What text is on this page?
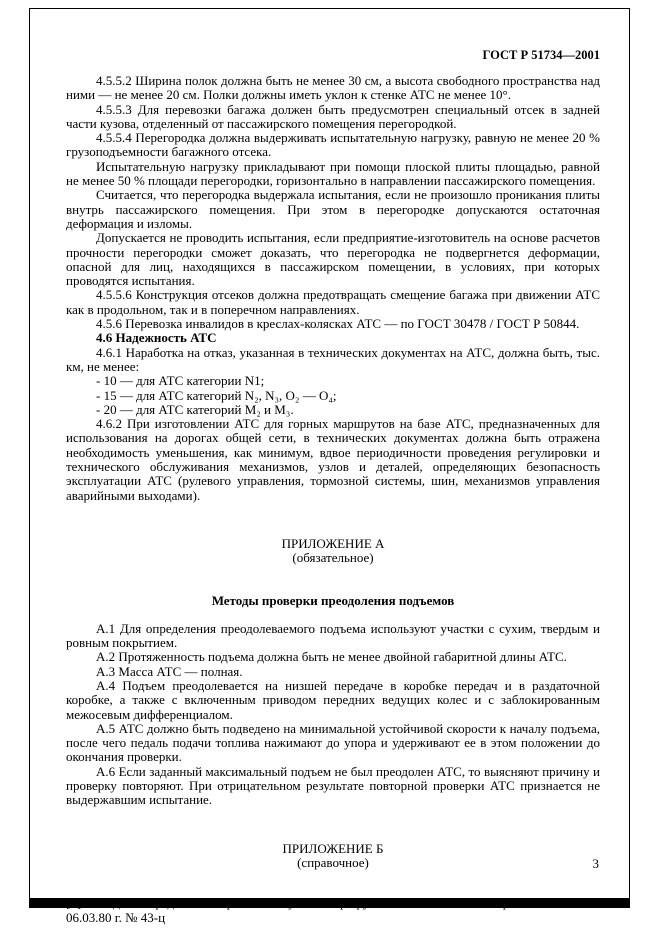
ГОСТ Р 51734—2001

4.5.5.2 Ширина полок должна быть не менее 30 см, а высота свободного пространства над ними — не менее 20 см. Полки должны иметь уклон к стенке АТС не менее 10°.

4.5.5.3 Для перевозки багажа должен быть предусмотрен специальный отсек в задней части кузова, отделенный от пассажирского помещения перегородкой.

4.5.5.4 Перегородка должна выдерживать испытательную нагрузку, равную не менее 20 % грузоподъемности багажного отсека.

Испытательную нагрузку прикладывают при помощи плоской плиты площадью, равной не менее 50 % площади перегородки, горизонтально в направлении пассажирского помещения.

Считается, что перегородка выдержала испытания, если не произошло проникания плиты внутрь пассажирского помещения. При этом в перегородке допускаются остаточная деформация и изломы.

Допускается не проводить испытания, если предприятие-изготовитель на основе расчетов прочности перегородки сможет доказать, что перегородка не подвергнется деформации, опасной для лиц, находящихся в пассажирском помещении, в условиях, при которых проводятся испытания.

4.5.5.6 Конструкция отсеков должна предотвращать смещение багажа при движении АТС как в продольном, так и в поперечном направлениях.

4.5.6 Перевозка инвалидов в креслах-колясках АТС — по ГОСТ 30478 / ГОСТ Р 50844.

4.6 Надежность АТС

4.6.1 Наработка на отказ, указанная в технических документах на АТС, должна быть, тыс. км, не менее:

- 10 — для АТС категории N1;

- 15 — для АТС категорий N₂, N₃, O₂ — O₄;

- 20 — для АТС категорий M₂ и M₃.

4.6.2 При изготовлении АТС для горных маршрутов на базе АТС, предназначенных для использования на дорогах общей сети, в технических документах должна быть отражена необходимость уменьшения, как минимум, вдвое периодичности проведения регулировки и технического обслуживания механизмов, узлов и деталей, определяющих безопасность эксплуатации АТС (рулевого управления, тормозной системы, шин, механизмов управления аварийными выходами).

ПРИЛОЖЕНИЕ А

(обязательное)

Методы проверки преодоления подъемов

А.1 Для определения преодолеваемого подъема используют участки с сухим, твердым и ровным покрытием.

А.2 Протяженность подъема должна быть не менее двойной габаритной длины АТС.

А.3 Масса АТС — полная.

А.4 Подъем преодолевается на низшей передаче в коробке передач и в раздаточной коробке, а также с включенным приводом передних ведущих колес и с заблокированным межосевым дифференциалом.

А.5 АТС должно быть подведено на минимальной устойчивой скорости к началу подъема, после чего педаль подачи топлива нажимают до упора и удерживают ее в этом положении до окончания проверки.

А.6 Если заданный максимальный подъем не был преодолен АТС, то выясняют причину и проверку повторяют. При отрицательном результате повторной проверки АТС признается не выдержавшим испытание.

ПРИЛОЖЕНИЕ Б

(справочное)

[1] Методика определения горных автобусных маршрутов. Указания Минавтотранса РФ от 06.03.80 г. № 43-ц

3
